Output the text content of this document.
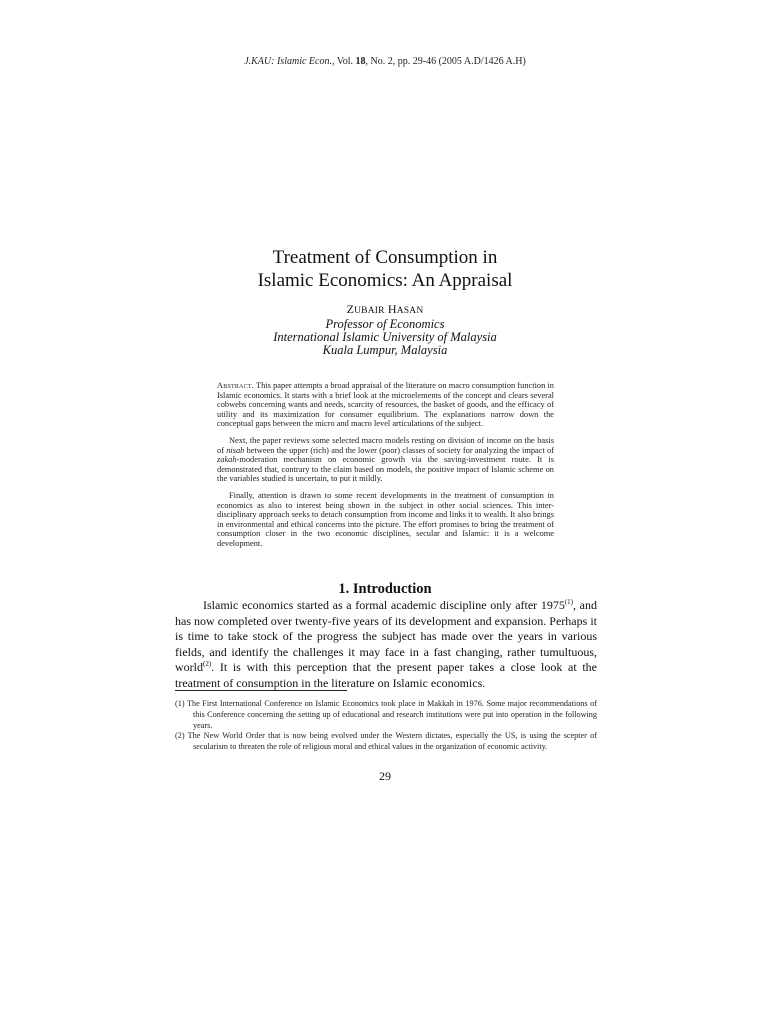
J.KAU: Islamic Econ., Vol. 18, No. 2, pp. 29-46 (2005 A.D/1426 A.H)
Treatment of Consumption in
Islamic Economics: An Appraisal
ZUBAIR HASAN
Professor of Economics
International Islamic University of Malaysia
Kuala Lumpur, Malaysia

Abstract. This paper attempts a broad appraisal of the literature on macro consumption function in Islamic economics. It starts with a brief look at the microelements of the concept and clears several cobwebs concerning wants and needs, scarcity of resources, the basket of goods, and the efficacy of utility and its maximization for consumer equilibrium. The explanations narrow down the conceptual gaps between the micro and macro level articulations of the subject.

Next, the paper reviews some selected macro models resting on division of income on the basis of nisab between the upper (rich) and the lower (poor) classes of society for analyzing the impact of zakah-moderation mechanism on economic growth via the saving-investment route. It is demonstrated that, contrary to the claim based on models, the positive impact of Islamic scheme on the variables studied is uncertain, to put it mildly.

Finally, attention is drawn to some recent developments in the treatment of consumption in economics as also to interest being shown in the subject in other social sciences. This inter-disciplinary approach seeks to detach consumption from income and links it to wealth. It also brings in environmental and ethical concerns into the picture. The effort promises to bring the treatment of consumption closer in the two economic disciplines, secular and Islamic: it is a welcome development.

1. Introduction

Islamic economics started as a formal academic discipline only after 1975$^{(1)}$, and has now completed over twenty-five years of its development and expansion. Perhaps it is time to take stock of the progress the subject has made over the years in various fields, and identify the challenges it may face in a fast changing, rather tumultuous, world$^{(2)}$. It is with this perception that the present paper takes a close look at the treatment of consumption in the literature on Islamic economics.

(1) The First International Conference on Islamic Economics took place in Makkah in 1976. Some major recommendations of this Conference concerning the setting up of educational and research institutions were put into operation in the following years.

(2) The New World Order that is now being evolved under the Western dictates, especially the US, is using the scepter of secularism to threaten the role of religious moral and ethical values in the organization of economic activity.

29
